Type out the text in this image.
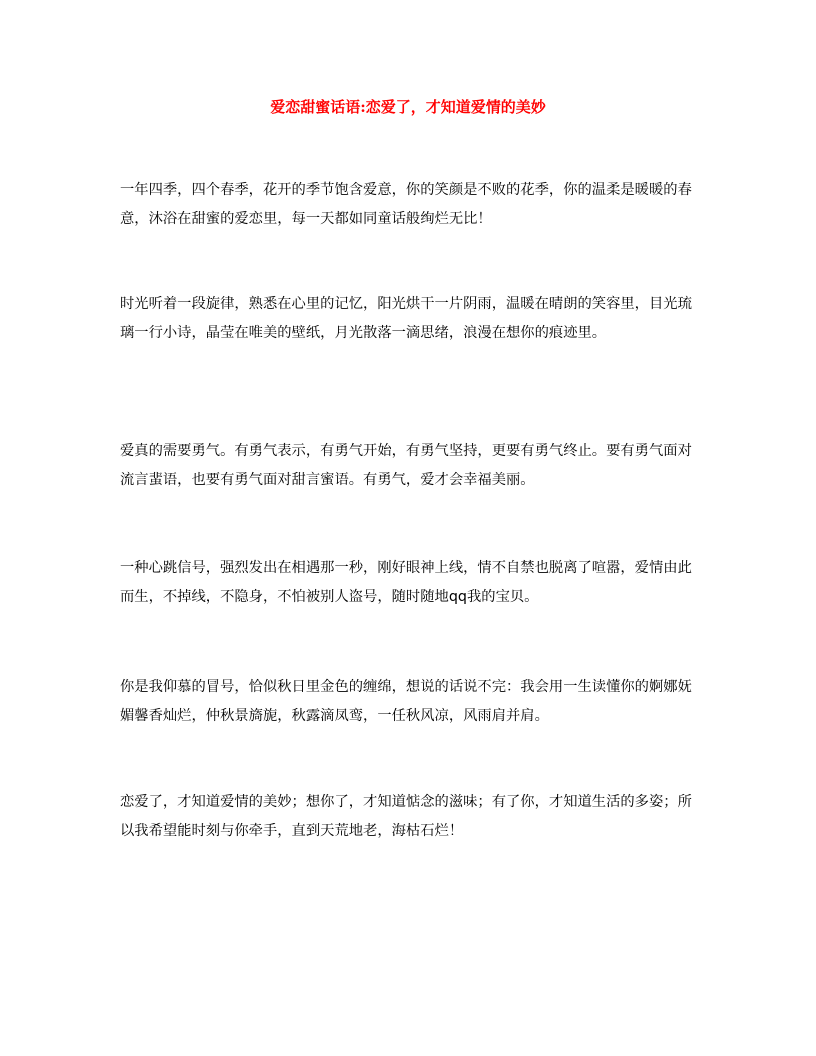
爱恋甜蜜话语:恋爱了，才知道爱情的美妙

一年四季，四个春季，花开的季节饱含爱意，你的笑颜是不败的花季，你的温柔是暖暖的春意，沐浴在甜蜜的爱恋里，每一天都如同童话般绚烂无比！

时光听着一段旋律，熟悉在心里的记忆，阳光烘干一片阴雨，温暖在晴朗的笑容里，目光琉璃一行小诗，晶莹在唯美的壁纸，月光散落一滴思绪，浪漫在想你的痕迹里。

爱真的需要勇气。有勇气表示，有勇气开始，有勇气坚持，更要有勇气终止。要有勇气面对流言蜚语，也要有勇气面对甜言蜜语。有勇气，爱才会幸福美丽。

一种心跳信号，强烈发出在相遇那一秒，刚好眼神上线，情不自禁也脱离了喧嚣，爱情由此而生，不掉线，不隐身，不怕被别人盗号，随时随地qq我的宝贝。

你是我仰慕的冒号，恰似秋日里金色的缠绵，想说的话说不完：我会用一生读懂你的婀娜妩媚馨香灿烂，仲秋景旖旎，秋露滴凤鸾，一任秋风凉，风雨肩并肩。

恋爱了，才知道爱情的美妙；想你了，才知道惦念的滋味；有了你，才知道生活的多姿；所以我希望能时刻与你牵手，直到天荒地老，海枯石烂！
